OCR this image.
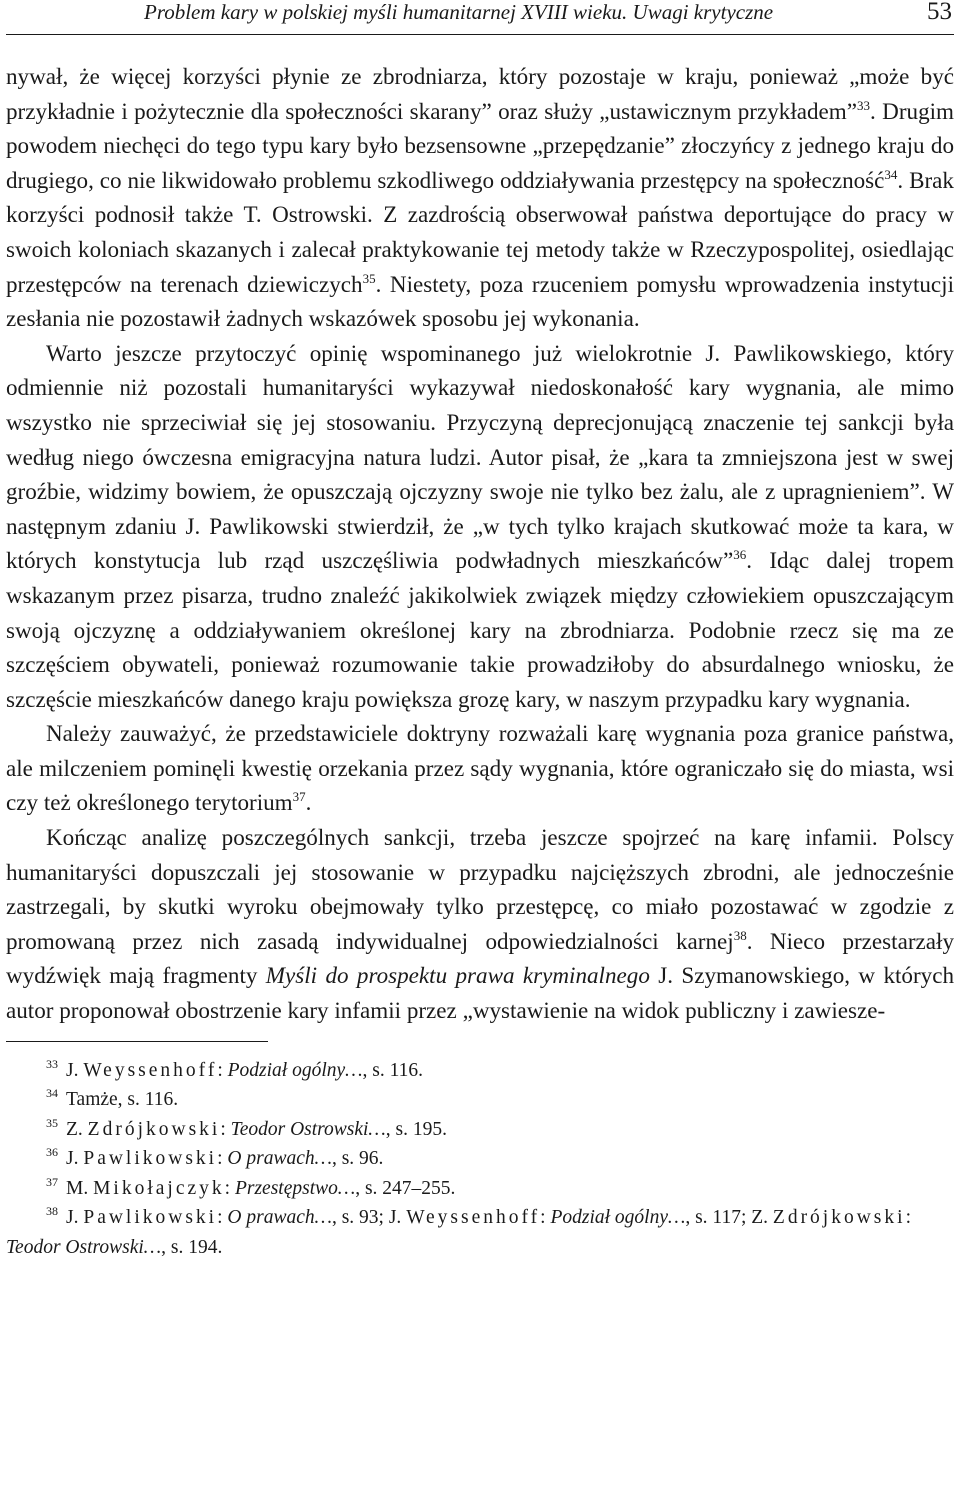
Problem kary w polskiej myśli humanitarnej XVIII wieku. Uwagi krytyczne	53

nywał, że więcej korzyści płynie ze zbrodniarza, który pozostaje w kraju, ponieważ „może być przykładnie i pożytecznie dla społeczności skarany” oraz służy „ustawicznym przykładem”$^{33}$. Drugim powodem niechęci do tego typu kary było bezsensowne „przepędzanie” złoczyńcy z jednego kraju do drugiego, co nie likwidowało problemu szkodliwego oddziaływania przestępcy na społeczność$^{34}$. Brak korzyści podnosił także T. Ostrowski. Z zazdrością obserwował państwa deportujące do pracy w swoich koloniach skazanych i zalecał praktykowanie tej metody także w Rzeczypospolitej, osiedlając przestępców na terenach dziewiczych$^{35}$. Niestety, poza rzuceniem pomysłu wprowadzenia instytucji zesłania nie pozostawił żadnych wskazówek sposobu jej wykonania.

Warto jeszcze przytoczyć opinię wspominanego już wielokrotnie J. Pawlikowskiego, który odmiennie niż pozostali humanitaryści wykazywał niedoskonałość kary wygnania, ale mimo wszystko nie sprzeciwiał się jej stosowaniu. Przyczyną deprecjonującą znaczenie tej sankcji była według niego ówczesna emigracyjna natura ludzi. Autor pisał, że „kara ta zmniejszona jest w swej groźbie, widzimy bowiem, że opuszczają ojczyzny swoje nie tylko bez żalu, ale z upragnieniem”. W następnym zdaniu J. Pawlikowski stwierdził, że „w tych tylko krajach skutkować może ta kara, w których konstytucja lub rząd uszczęśliwia podwładnych mieszkańców”$^{36}$. Idąc dalej tropem wskazanym przez pisarza, trudno znaleźć jakikolwiek związek między człowiekiem opuszczającym swoją ojczyznę a oddziaływaniem określonej kary na zbrodniarza. Podobnie rzecz się ma ze szczęściem obywateli, ponieważ rozumowanie takie prowadziłoby do absurdalnego wniosku, że szczęście mieszkańców danego kraju powiększa grozę kary, w naszym przypadku kary wygnania.

Należy zauważyć, że przedstawiciele doktryny rozważali karę wygnania poza granice państwa, ale milczeniem pominęli kwestię orzekania przez sądy wygnania, które ograniczało się do miasta, wsi czy też określonego terytorium$^{37}$.

Kończąc analizę poszczególnych sankcji, trzeba jeszcze spojrzeć na karę infamii. Polscy humanitaryści dopuszczali jej stosowanie w przypadku najcięższych zbrodni, ale jednocześnie zastrzegali, by skutki wyroku obejmowały tylko przestępcę, co miało pozostawać w zgodzie z promowaną przez nich zasadą indywidualnej odpowiedzialności karnej$^{38}$. Nieco przestarzały wydźwięk mają fragmenty Myśli do prospektu prawa kryminalnego J. Szymanowskiego, w których autor proponował obostrzenie kary infamii przez „wystawienie na widok publiczny i zawiesze-

$^{33}$ J. Weyssenhoff: Podział ogólny…, s. 116.
$^{34}$ Tamże, s. 116.
$^{35}$ Z. Zdrójkowski: Teodor Ostrowski…, s. 195.
$^{36}$ J. Pawlikowski: O prawach…, s. 96.
$^{37}$ M. Mikołajczyk: Przestępstwo…, s. 247–255.
$^{38}$ J. Pawlikowski: O prawach…, s. 93; J. Weyssenhoff: Podział ogólny…, s. 117; Z. Zdrójkowski: Teodor Ostrowski…, s. 194.
